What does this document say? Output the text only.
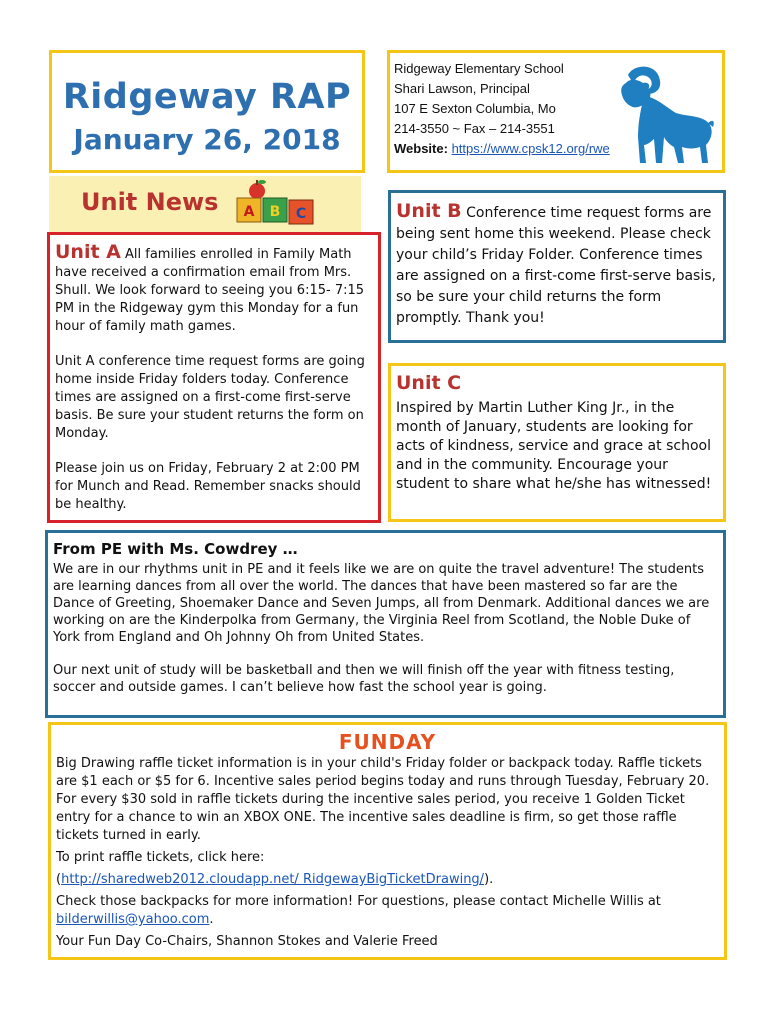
Ridgeway RAP
January 26, 2018
Ridgeway Elementary School
Shari Lawson, Principal
107 E Sexton Columbia, Mo
214-3550 ~ Fax – 214-3551
Website: https://www.cpsk12.org/rwe
Unit News A B C

Unit A All families enrolled in Family Math have received a confirmation email from Mrs. Shull. We look forward to seeing you 6:15- 7:15 PM in the Ridgeway gym this Monday for a fun hour of family math games.

Unit A conference time request forms are going home inside Friday folders today. Conference times are assigned on a first-come first-serve basis. Be sure your student returns the form on Monday.

Please join us on Friday, February 2 at 2:00 PM for Munch and Read. Remember snacks should be healthy.

Unit B Conference time request forms are being sent home this weekend. Please check your child’s Friday Folder. Conference times are assigned on a first-come first-serve basis, so be sure your child returns the form promptly. Thank you!
Unit C
Inspired by Martin Luther King Jr., in the month of January, students are looking for acts of kindness, service and grace at school and in the community. Encourage your student to share what he/she has witnessed!
From PE with Ms. Cowdrey …

We are in our rhythms unit in PE and it feels like we are on quite the travel adventure! The students are learning dances from all over the world. The dances that have been mastered so far are the Dance of Greeting, Shoemaker Dance and Seven Jumps, all from Denmark. Additional dances we are working on are the Kinderpolka from Germany, the Virginia Reel from Scotland, the Noble Duke of York from England and Oh Johnny Oh from United States.

Our next unit of study will be basketball and then we will finish off the year with fitness testing, soccer and outside games. I can’t believe how fast the school year is going.

FUNDAY

Big Drawing raffle ticket information is in your child's Friday folder or backpack today. Raffle tickets are $1 each or $5 for 6. Incentive sales period begins today and runs through Tuesday, February 20. For every $30 sold in raffle tickets during the incentive sales period, you receive 1 Golden Ticket entry for a chance to win an XBOX ONE. The incentive sales deadline is firm, so get those raffle tickets turned in early.

To print raffle tickets, click here:

(http://sharedweb2012.cloudapp.net/ RidgewayBigTicketDrawing/).

Check those backpacks for more information! For questions, please contact Michelle Willis at
bilderwillis@yahoo.com.

Your Fun Day Co-Chairs, Shannon Stokes and Valerie Freed
